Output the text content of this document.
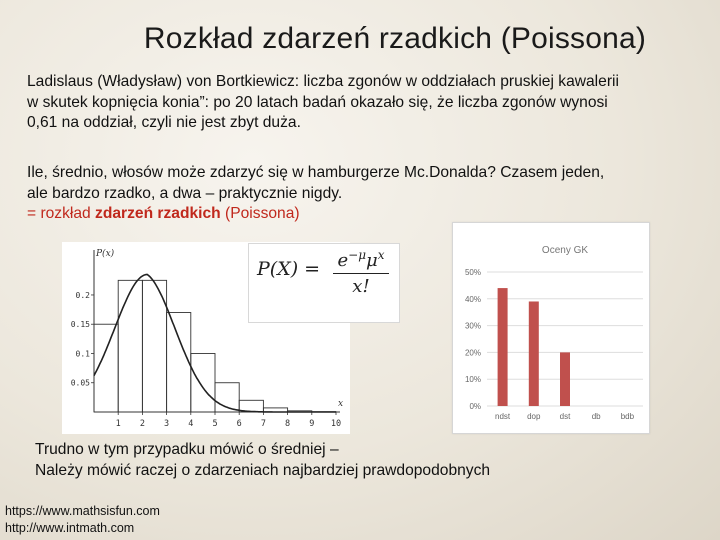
Rozkład zdarzeń rzadkich (Poissona)
Ladislaus (Władysław) von Bortkiewicz: liczba zgonów w oddziałach pruskiej kawalerii
w skutek kopnięcia konia”: po 20 latach badań okazało się, że liczba zgonów wynosi
0,61 na oddział, czyli nie jest zbyt duża.
Ile, średnio, włosów może zdarzyć się w hamburgerze Mc.Donalda? Czasem jeden,
ale bardzo rzadko, a dwa – praktycznie nigdy.
= rozkład zdarzeń rzadkich (Poissona)
P(x)
x
1 2 3 4 5 6 7 8 9 10
0.05
0.1
0.15
0.2
$P(X) = e^{-\mu}\mu^x$
x!
Oceny GK
0%
10%
20%
30%
40%
50%
ndst dop dst	db	bdb
Trudno w tym przypadku mówić o średniej –
Należy mówić raczej o zdarzeniach najbardziej prawdopodobnych
https://www.mathsisfun.com
http://www.intmath.com
